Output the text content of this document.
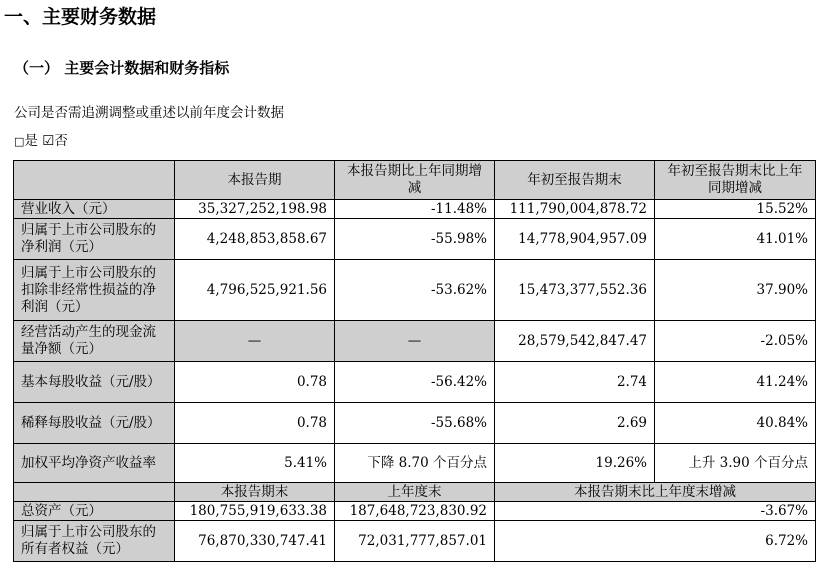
一、主要财务数据
（一） 主要会计数据和财务指标
公司是否需追溯调整或重述以前年度会计数据
□是 ☑否
	本报告期	本报告期比上年同期增减	年初至报告期末	年初至报告期末比上年同期增减
营业收入（元）	35,327,252,198.98	-11.48%	111,790,004,878.72	15.52%
归属于上市公司股东的净利润（元）	4,248,853,858.67	-55.98%	14,778,904,957.09	41.01%
归属于上市公司股东的扣除非经常性损益的净利润（元）	4,796,525,921.56	-53.62%	15,473,377,552.36	37.90%
经营活动产生的现金流量净额（元）	—	—	28,579,542,847.47	-2.05%
基本每股收益（元/股）	0.78	-56.42%	2.74	41.24%
稀释每股收益（元/股）	0.78	-55.68%	2.69	40.84%
加权平均净资产收益率	5.41%	下降 8.70 个百分点	19.26%	上升 3.90 个百分点
	本报告期末	上年度末	本报告期末比上年度末增减	
总资产（元）	180,755,919,633.38	187,648,723,830.92	-3.67%	
归属于上市公司股东的所有者权益（元）	76,870,330,747.41	72,031,777,857.01	6.72%	
